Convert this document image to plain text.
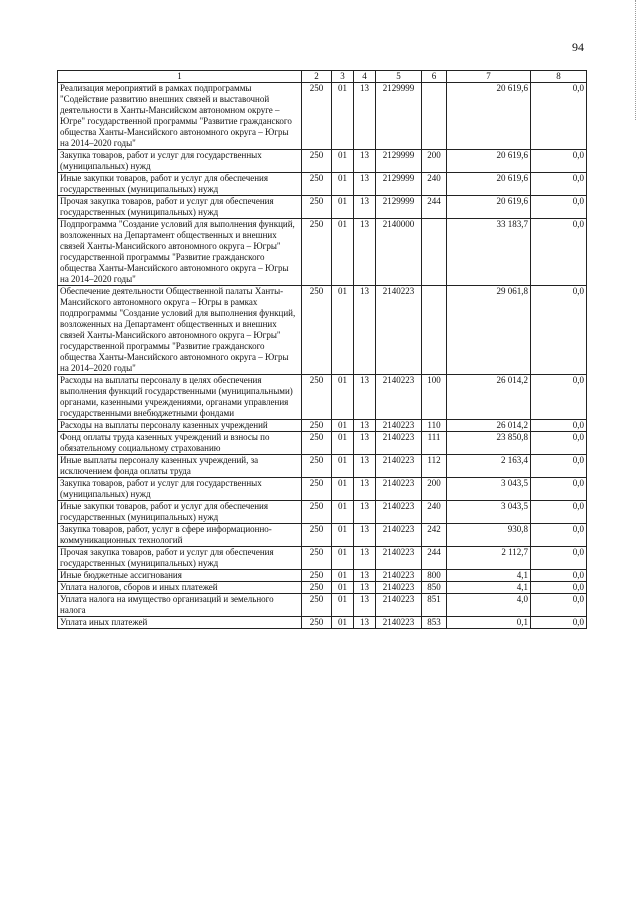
94
1	2	3	4	5	6	7	8
Реализация мероприятий в рамках подпрограммы "Содействие развитию внешних связей и выставочной деятельности в Ханты-Мансийском автономном округе – Югре" государственной программы "Развитие гражданского общества Ханты-Мансийского автономного округа – Югры на 2014–2020 годы"	250	01	13	2129999		20 619,6	0,0
Закупка товаров, работ и услуг для государственных (муниципальных) нужд	250	01	13	2129999	200	20 619,6	0,0
Иные закупки товаров, работ и услуг для обеспечения государственных (муниципальных) нужд	250	01	13	2129999	240	20 619,6	0,0
Прочая закупка товаров, работ и услуг для обеспечения государственных (муниципальных) нужд	250	01	13	2129999	244	20 619,6	0,0
Подпрограмма "Создание условий для выполнения функций, возложенных на Департамент общественных и внешних связей Ханты-Мансийского автономного округа – Югры" государственной программы "Развитие гражданского общества Ханты-Мансийского автономного округа – Югры на 2014–2020 годы"	250	01	13	2140000		33 183,7	0,0
Обеспечение деятельности Общественной палаты Ханты-Мансийского автономного округа – Югры в рамках подпрограммы "Создание условий для выполнения функций, возложенных на Департамент общественных и внешних связей Ханты-Мансийского автономного округа – Югры" государственной программы "Развитие гражданского общества Ханты-Мансийского автономного округа – Югры на 2014–2020 годы"	250	01	13	2140223		29 061,8	0,0
Расходы на выплаты персоналу в целях обеспечения выполнения функций государственными (муниципальными) органами, казенными учреждениями, органами управления государственными внебюджетными фондами	250	01	13	2140223	100	26 014,2	0,0
Расходы на выплаты персоналу казенных учреждений	250	01	13	2140223	110	26 014,2	0,0
Фонд оплаты труда казенных учреждений и взносы по обязательному социальному страхованию	250	01	13	2140223	111	23 850,8	0,0
Иные выплаты персоналу казенных учреждений, за исключением фонда оплаты труда	250	01	13	2140223	112	2 163,4	0,0
Закупка товаров, работ и услуг для государственных (муниципальных) нужд	250	01	13	2140223	200	3 043,5	0,0
Иные закупки товаров, работ и услуг для обеспечения государственных (муниципальных) нужд	250	01	13	2140223	240	3 043,5	0,0
Закупка товаров, работ, услуг в сфере информационно-коммуникационных технологий	250	01	13	2140223	242	930,8	0,0
Прочая закупка товаров, работ и услуг для обеспечения государственных (муниципальных) нужд	250	01	13	2140223	244	2 112,7	0,0
Иные бюджетные ассигнования	250	01	13	2140223	800	4,1	0,0
Уплата налогов, сборов и иных платежей	250	01	13	2140223	850	4,1	0,0
Уплата налога на имущество организаций и земельного налога	250	01	13	2140223	851	4,0	0,0
Уплата иных платежей	250	01	13	2140223	853	0,1	0,0
